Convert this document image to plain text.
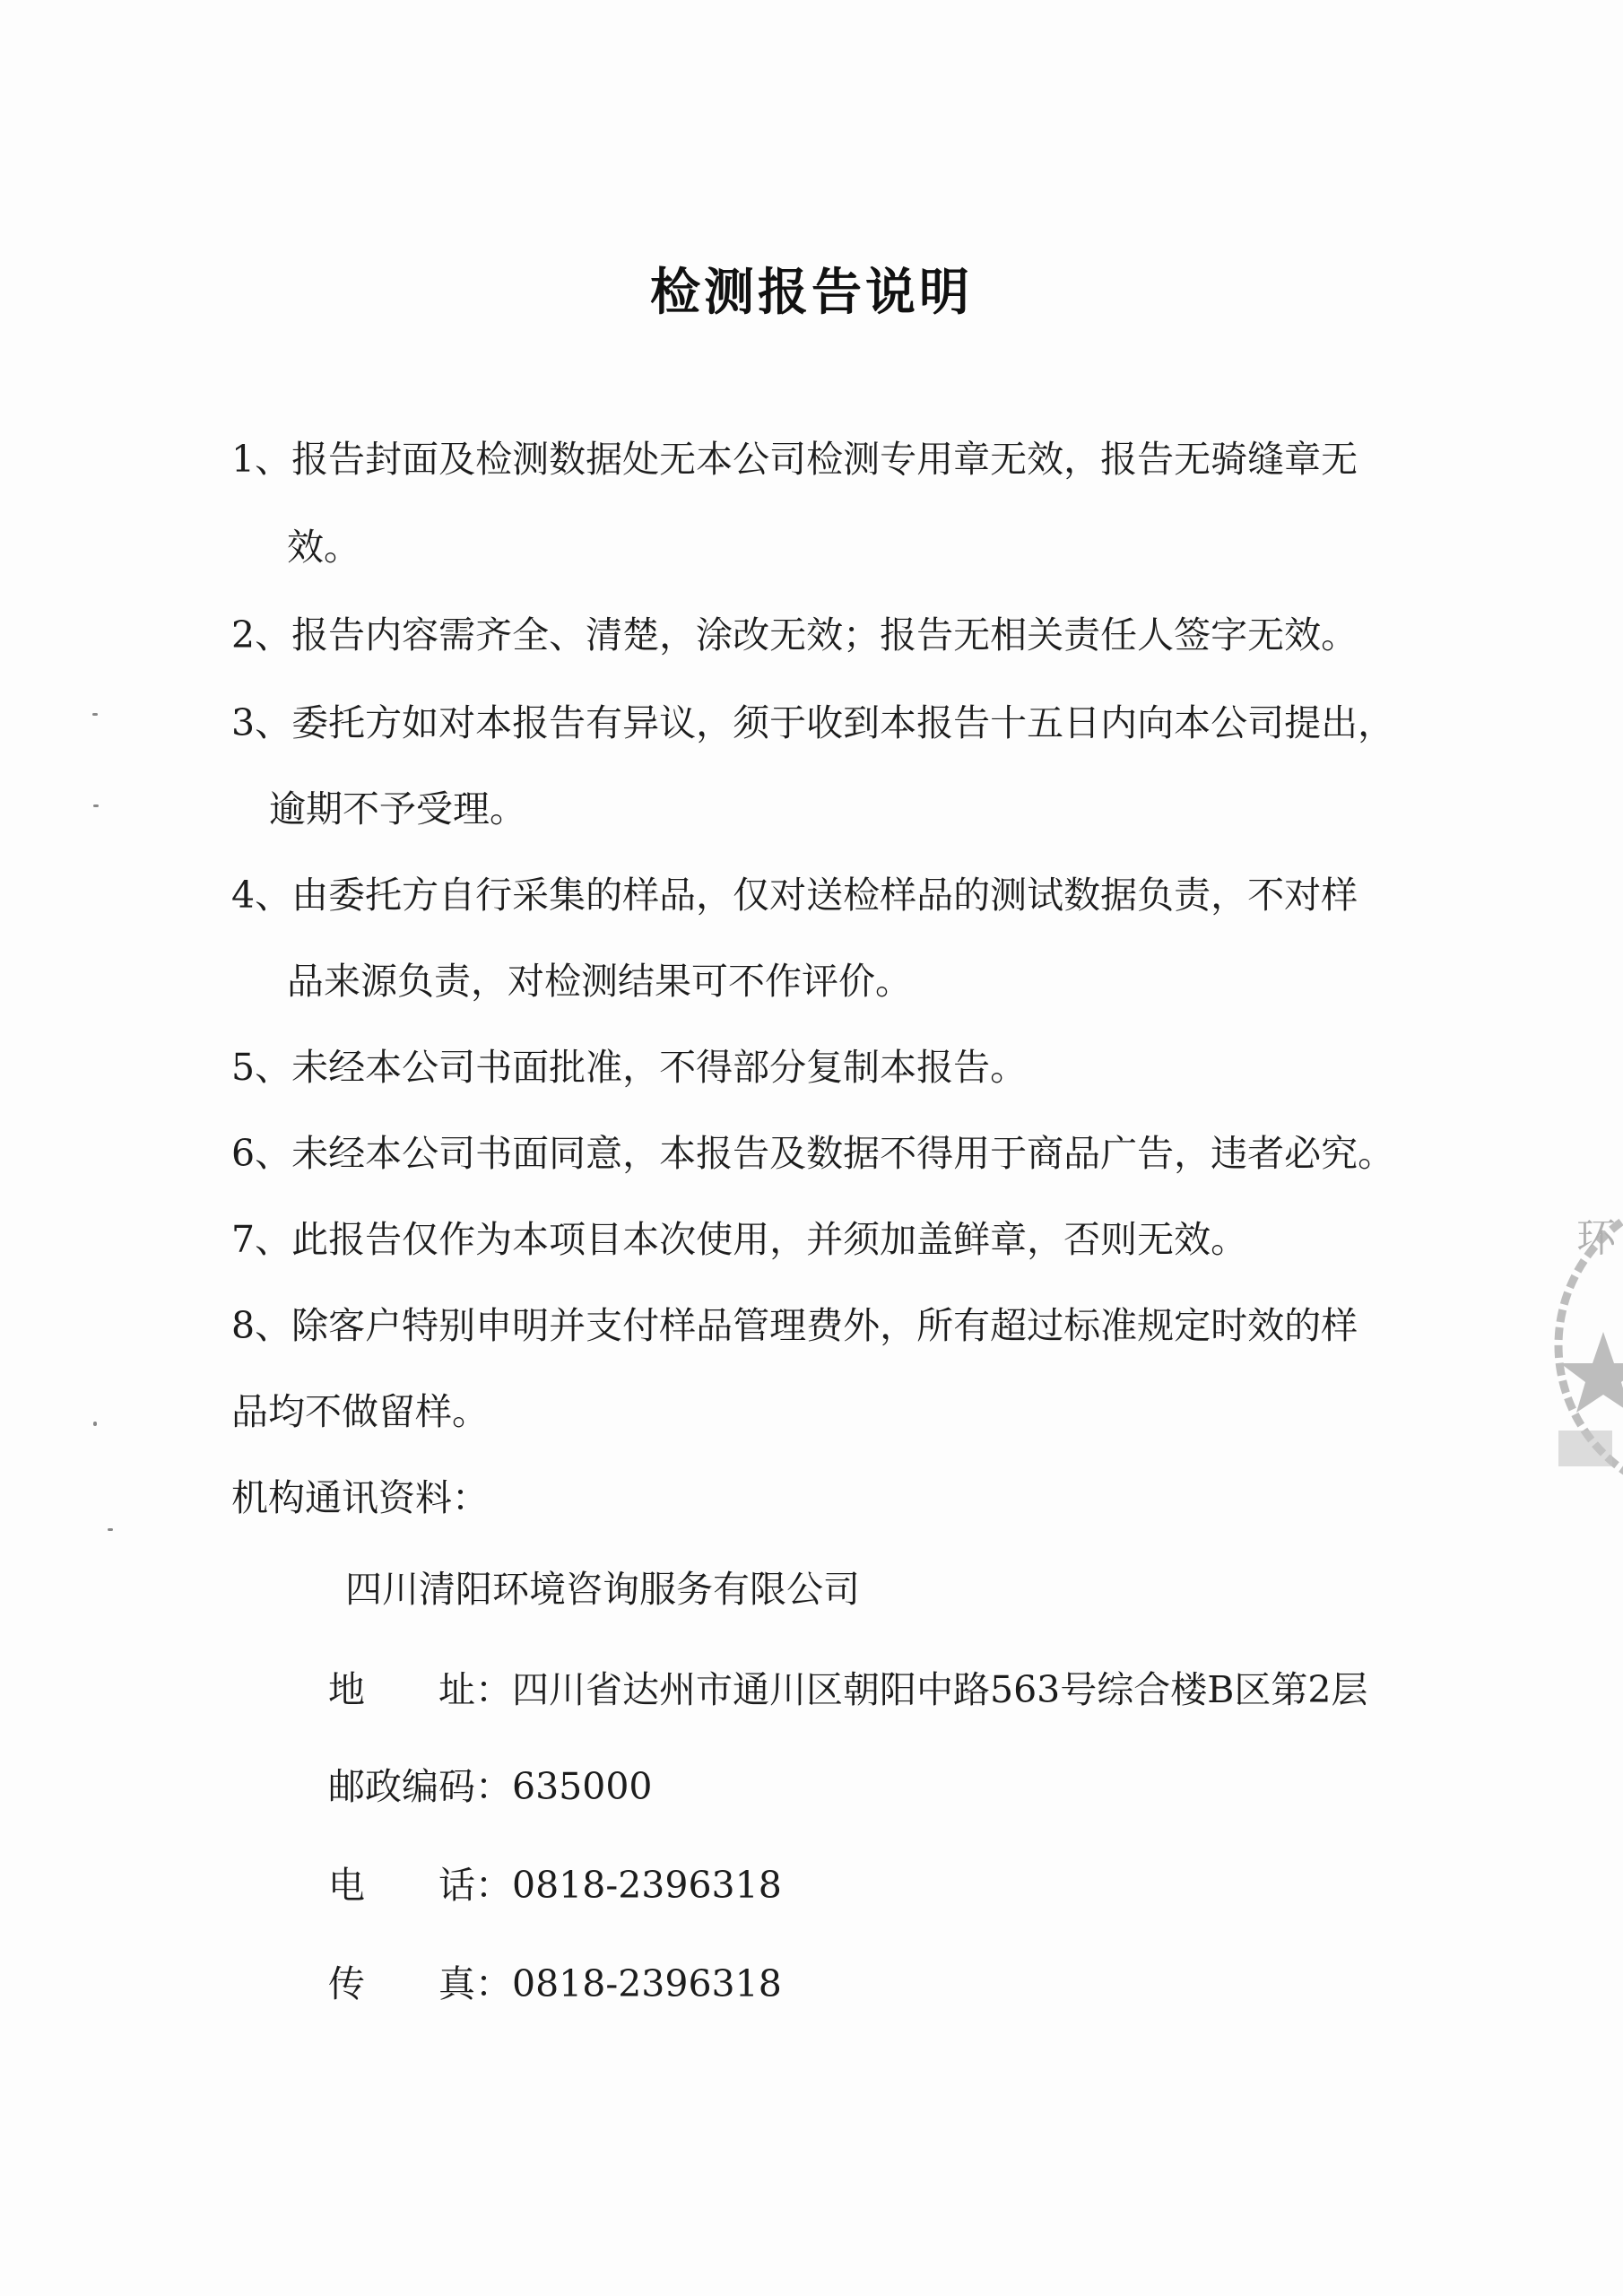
检测报告说明
1、报告封面及检测数据处无本公司检测专用章无效，报告无骑缝章无
效。
2、报告内容需齐全、清楚，涂改无效；报告无相关责任人签字无效。
3、委托方如对本报告有异议，须于收到本报告十五日内向本公司提出，
逾期不予受理。
4、由委托方自行采集的样品，仅对送检样品的测试数据负责，不对样
品来源负责，对检测结果可不作评价。
5、未经本公司书面批准，不得部分复制本报告。
6、未经本公司书面同意，本报告及数据不得用于商品广告，违者必究。
7、此报告仅作为本项目本次使用，并须加盖鲜章，否则无效。
8、除客户特别申明并支付样品管理费外，所有超过标准规定时效的样
品均不做留样。
机构通讯资料：
四川清阳环境咨询服务有限公司
地　　址：四川省达州市通川区朝阳中路563号综合楼B区第2层
邮政编码：635000
电　　话：0818-2396318
传　　真：0818-2396318
环
